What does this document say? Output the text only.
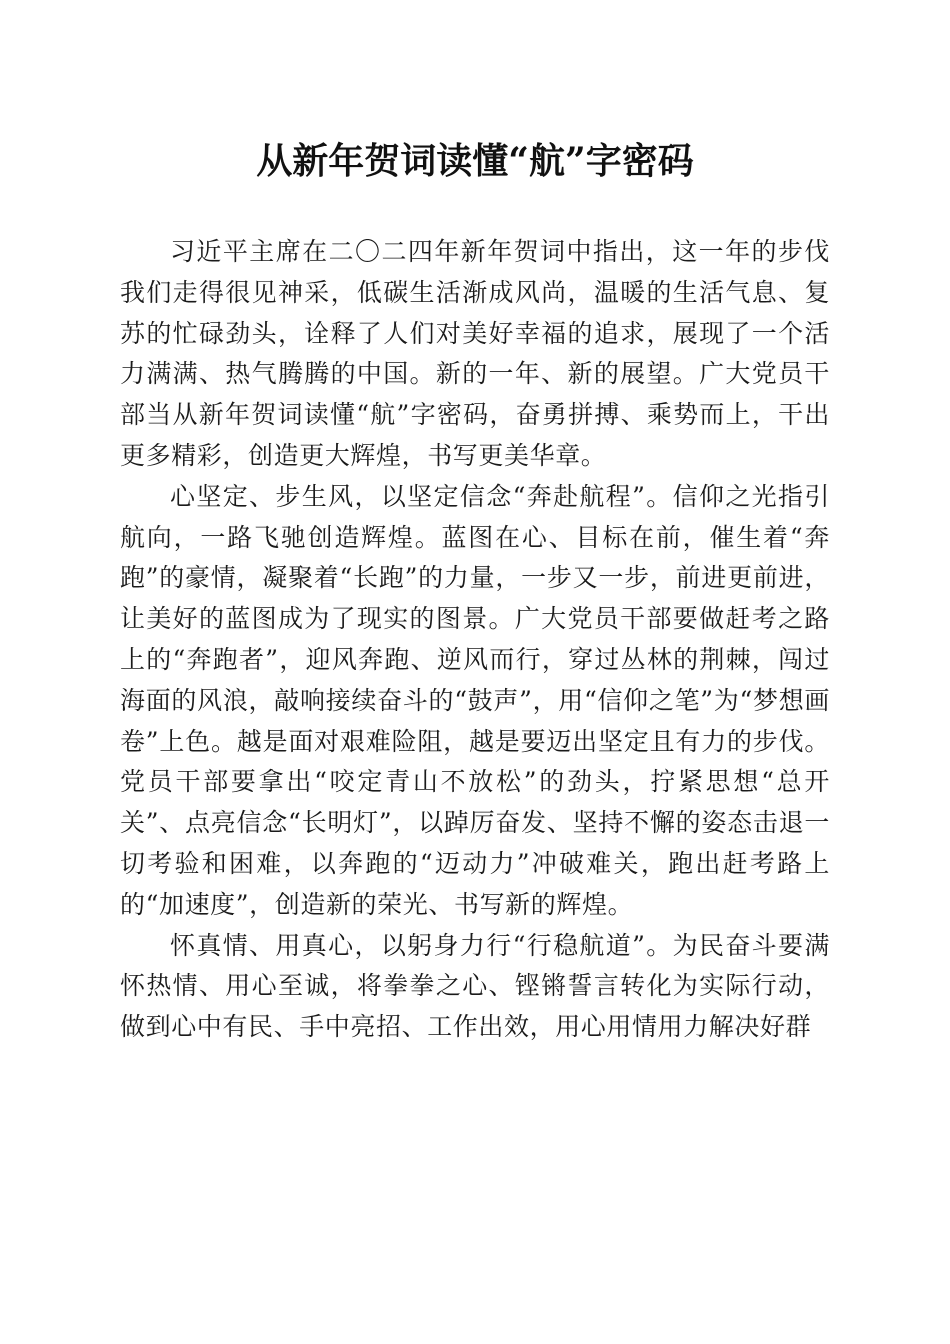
从新年贺词读懂“航”字密码

习近平主席在二〇二四年新年贺词中指出，这一年的步伐我们走得很见神采，低碳生活渐成风尚，温暖的生活气息、复苏的忙碌劲头，诠释了人们对美好幸福的追求，展现了一个活力满满、热气腾腾的中国。新的一年、新的展望。广大党员干部当从新年贺词读懂“航”字密码，奋勇拼搏、乘势而上，干出更多精彩，创造更大辉煌，书写更美华章。

心坚定、步生风，以坚定信念“奔赴航程”。信仰之光指引航向，一路飞驰创造辉煌。蓝图在心、目标在前，催生着“奔跑”的豪情，凝聚着“长跑”的力量，一步又一步，前进更前进，让美好的蓝图成为了现实的图景。广大党员干部要做赶考之路上的“奔跑者”，迎风奔跑、逆风而行，穿过丛林的荆棘，闯过海面的风浪，敲响接续奋斗的“鼓声”，用“信仰之笔”为“梦想画卷”上色。越是面对艰难险阻，越是要迈出坚定且有力的步伐。党员干部要拿出“咬定青山不放松”的劲头，拧紧思想“总开关”、点亮信念“长明灯”，以踔厉奋发、坚持不懈的姿态击退一切考验和困难，以奔跑的“迈动力”冲破难关，跑出赶考路上的“加速度”，创造新的荣光、书写新的辉煌。

怀真情、用真心，以躬身力行“行稳航道”。为民奋斗要满怀热情、用心至诚，将拳拳之心、铿锵誓言转化为实际行动，做到心中有民、手中亮招、工作出效，用心用情用力解决好群
